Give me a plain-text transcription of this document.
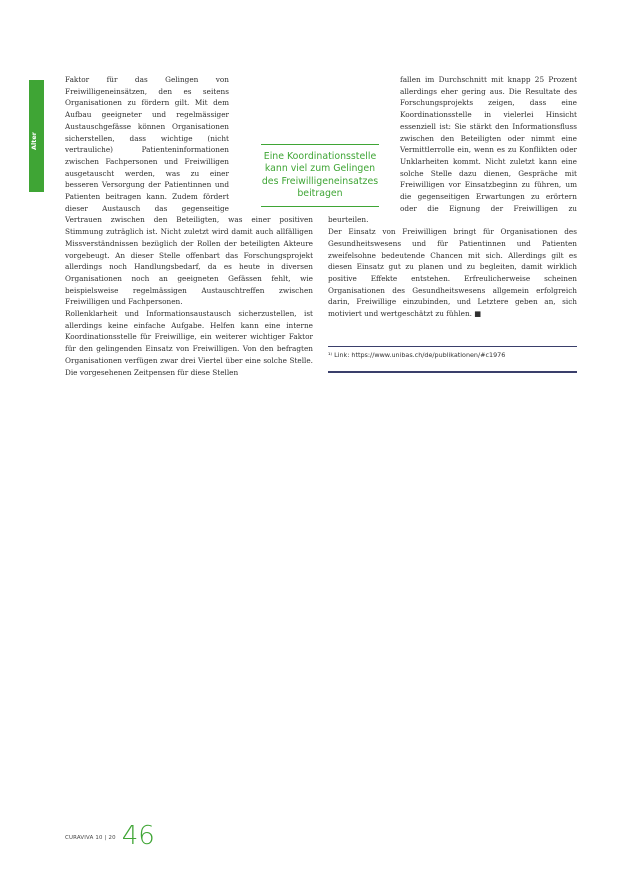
Alter

Faktor für das Gelingen von Freiwilligeneinsätzen, den es seitens Organisationen zu fördern gilt. Mit dem Aufbau geeigneter und regelmässiger Austauschgefässe können Organisationen sicherstellen, dass wichtige (nicht vertrauliche) Patienteninformationen zwischen Fachpersonen und Freiwilligen ausgetauscht werden, was zu einer besseren Versorgung der Patientinnen und Patienten beitragen kann. Zudem fördert dieser Austausch das gegenseitige Vertrauen zwischen den Beteiligten, was einer positiven Stimmung zuträglich ist. Nicht zuletzt wird damit auch allfälligen Missverständnissen bezüglich der Rollen der beteiligten Akteure vorgebeugt. An dieser Stelle offenbart das Forschungsprojekt allerdings noch Handlungsbedarf, da es heute in diversen Organisationen noch an geeigneten Gefässen fehlt, wie beispielsweise regelmässigen Austauschtreffen zwischen Freiwilligen und Fachpersonen.

Rollenklarheit und Informationsaustausch sicherzustellen, ist allerdings keine einfache Aufgabe. Helfen kann eine interne Koordinationsstelle für Freiwillige, ein weiterer wichtiger Faktor für den gelingenden Einsatz von Freiwilligen. Von den befragten Organisationen verfügen zwar drei Viertel über eine solche Stelle. Die vorgesehenen Zeitpensen für diese Stellen

Eine Koordinationsstelle kann viel zum Gelingen des Freiwilligeneinsatzes beitragen

fallen im Durchschnitt mit knapp 25 Prozent allerdings eher gering aus. Die Resultate des Forschungsprojekts zeigen, dass eine Koordinationsstelle in vielerlei Hinsicht essenziell ist: Sie stärkt den Informationsfluss zwischen den Beteiligten oder nimmt eine Vermittlerrolle ein, wenn es zu Konflikten oder Unklarheiten kommt. Nicht zuletzt kann eine solche Stelle dazu dienen, Gespräche mit Freiwilligen vor Einsatzbeginn zu führen, um die gegenseitigen Erwartungen zu erörtern oder die Eignung der Freiwilligen zu beurteilen.

Der Einsatz von Freiwilligen bringt für Organisationen des Gesundheitswesens und für Patientinnen und Patienten zweifelsohne bedeutende Chancen mit sich. Allerdings gilt es diesen Einsatz gut zu planen und zu begleiten, damit wirklich positive Effekte entstehen. Erfreulicherweise scheinen Organisationen des Gesundheitswesens allgemein erfolgreich darin, Freiwillige einzubinden, und Letztere geben an, sich motiviert und wertgeschätzt zu fühlen. ■

¹⁾ Link: https://www.unibas.ch/de/publikationen/#c1976
CURAVIVA 10 | 20 46
